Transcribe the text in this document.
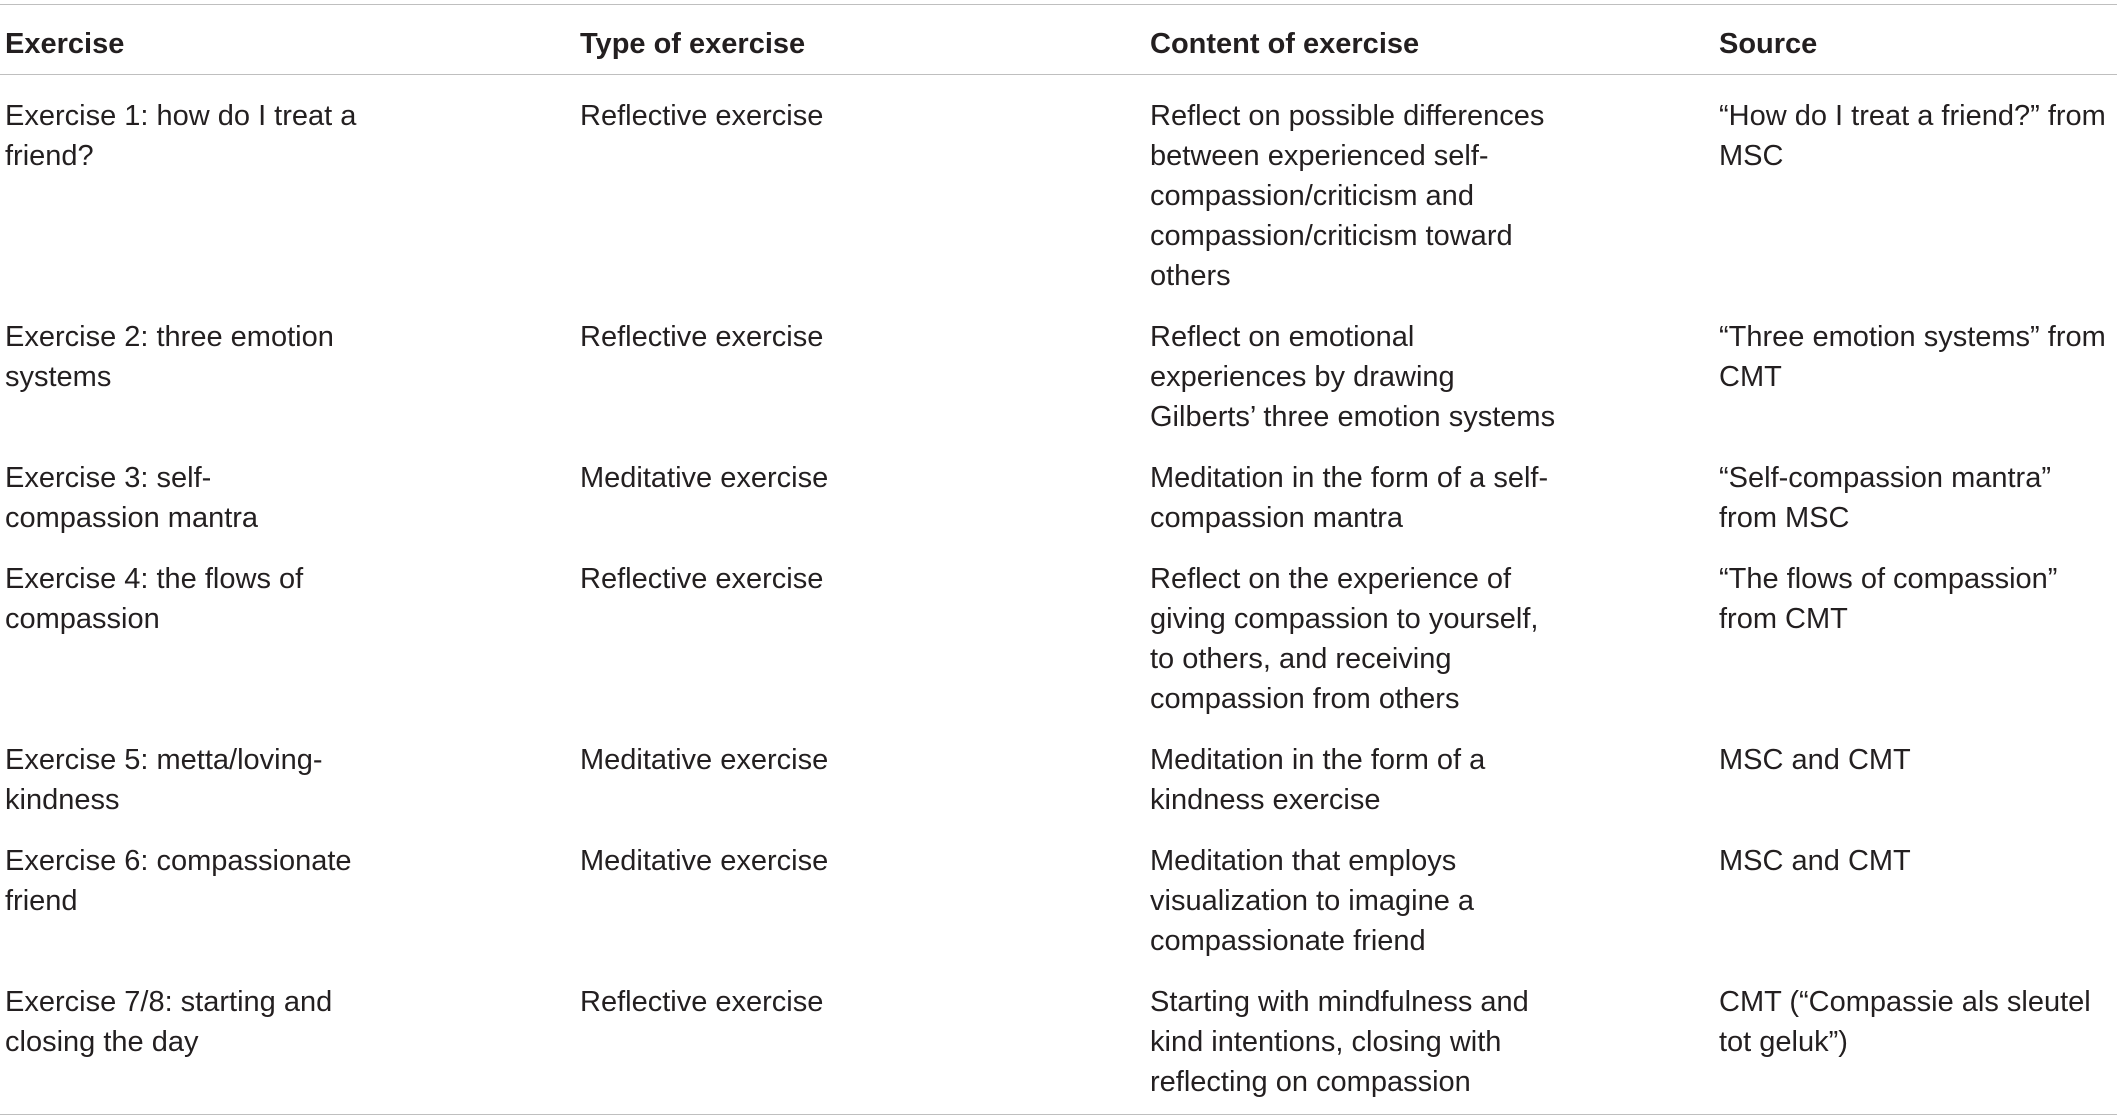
Exercise	Type of exercise	Content of exercise	Source

Exercise 1: how do I treat a friend?	Reflective exercise	Reflect on possible differences between experienced self-compassion/criticism and compassion/criticism toward others	“How do I treat a friend?” from MSC

Exercise 2: three emotion systems	Reflective exercise	Reflect on emotional experiences by drawing Gilberts’ three emotion systems	“Three emotion systems” from CMT

Exercise 3: self-compassion mantra	Meditative exercise	Meditation in the form of a self-compassion mantra	“Self-compassion mantra” from MSC

Exercise 4: the flows of compassion	Reflective exercise	Reflect on the experience of giving compassion to yourself, to others, and receiving compassion from others	“The flows of compassion” from CMT

Exercise 5: metta/loving-kindness	Meditative exercise	Meditation in the form of a kindness exercise	MSC and CMT

Exercise 6: compassionate friend	Meditative exercise	Meditation that employs visualization to imagine a compassionate friend	MSC and CMT

Exercise 7/8: starting and closing the day	Reflective exercise	Starting with mindfulness and kind intentions, closing with reflecting on compassion	CMT (“Compassie als sleutel tot geluk”)
